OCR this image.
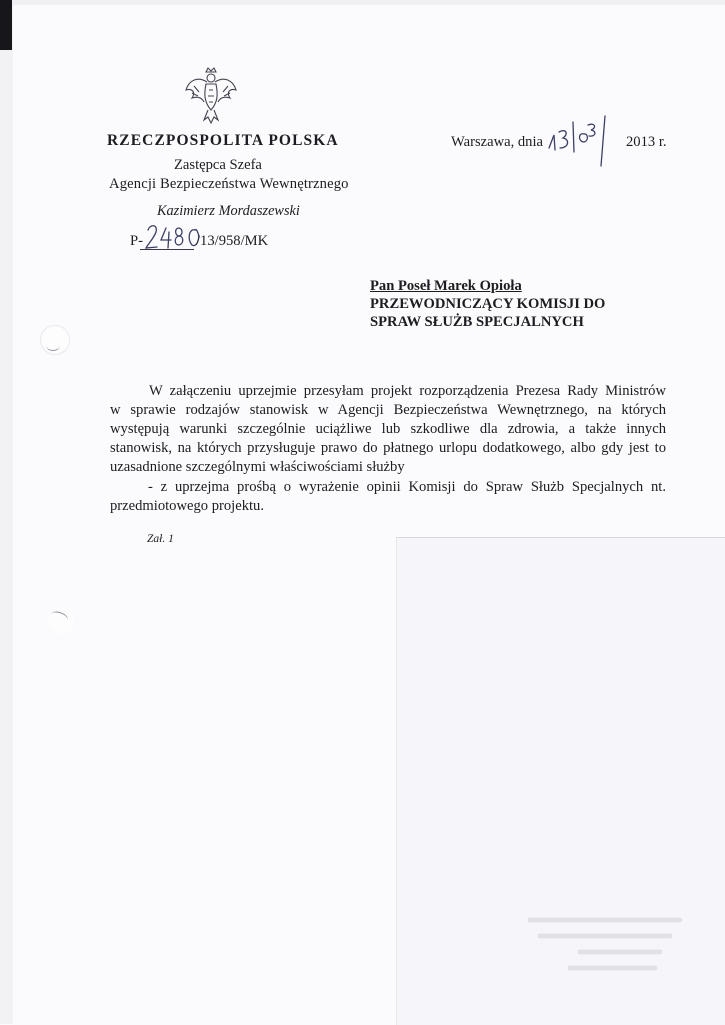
RZECZPOSPOLITA POLSKA
Zastępca Szefa
Agencji Bezpieczeństwa Wewnętrznego
Kazimierz Mordaszewski
P-	/13/958/MK
Warszawa, dnia	2013 r.
Pan Poseł Marek Opioła
PRZEWODNICZĄCY KOMISJI DO
SPRAW SŁUŻB SPECJALNYCH
W załączeniu uprzejmie przesyłam projekt rozporządzenia Prezesa Rady Ministrów
w sprawie rodzajów stanowisk w Agencji Bezpieczeństwa Wewnętrznego, na których
występują warunki szczególnie uciążliwe lub szkodliwe dla zdrowia, a także innych
stanowisk, na których przysługuje prawo do płatnego urlopu dodatkowego, albo gdy jest to
uzasadnione szczególnymi właściwościami służby
- z uprzejma prośbą o wyrażenie opinii Komisji do Spraw Służb Specjalnych nt.
przedmiotowego projektu.
Zał. 1
